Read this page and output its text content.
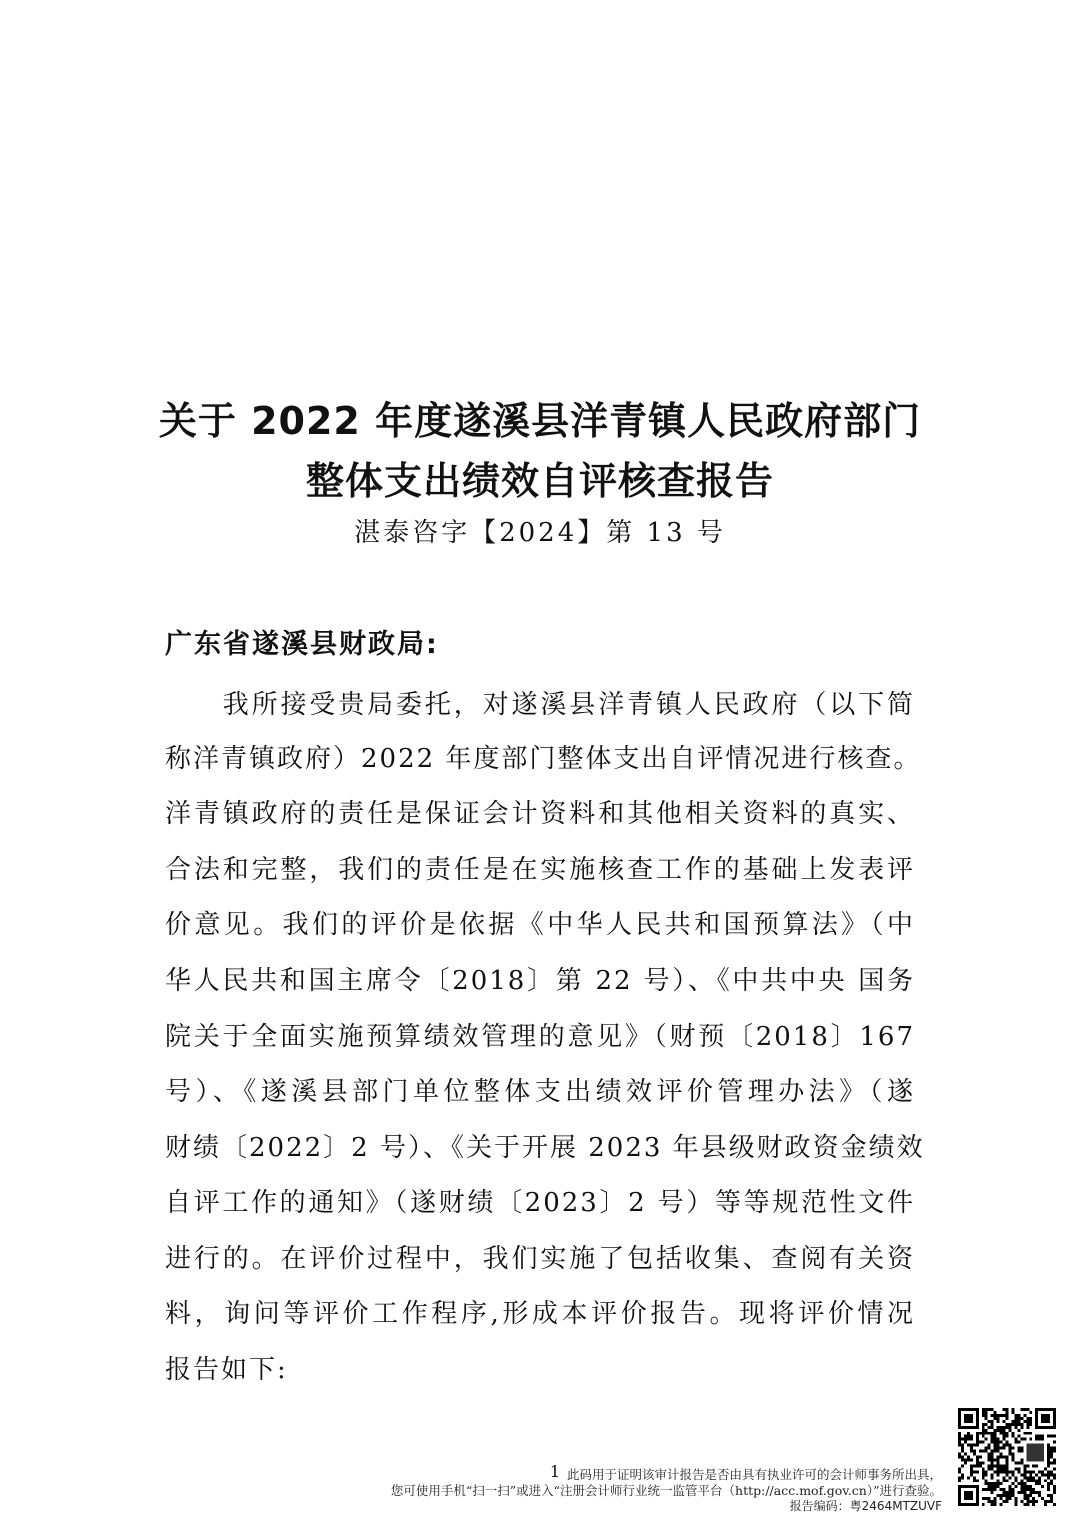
关于 2022 年度遂溪县洋青镇人民政府部门
整体支出绩效自评核查报告
湛泰咨字【2024】第 13 号
广东省遂溪县财政局:
　　我所接受贵局委托，对遂溪县洋青镇人民政府（以下简
称洋青镇政府）2022 年度部门整体支出自评情况进行核查。
洋青镇政府的责任是保证会计资料和其他相关资料的真实、
合法和完整，我们的责任是在实施核查工作的基础上发表评
价意见。我们的评价是依据《中华人民共和国预算法》（中
华人民共和国主席令〔2018〕第 22 号）、《中共中央 国务
院关于全面实施预算绩效管理的意见》（财预〔2018〕167
号）、《遂溪县部门单位整体支出绩效评价管理办法》（遂
财绩〔2022〕2 号）、《关于开展 2023 年县级财政资金绩效
自评工作的通知》（遂财绩〔2023〕2 号）等等规范性文件
进行的。在评价过程中，我们实施了包括收集、查阅有关资
料，询问等评价工作程序,形成本评价报告。现将评价情况
报告如下:
1 此码用于证明该审计报告是否由具有执业许可的会计师事务所出具，
您可使用手机“扫一扫”或进入“注册会计师行业统一监管平台（http://acc.mof.gov.cn）”进行查验。
报告编码：粤2464MTZUVF
